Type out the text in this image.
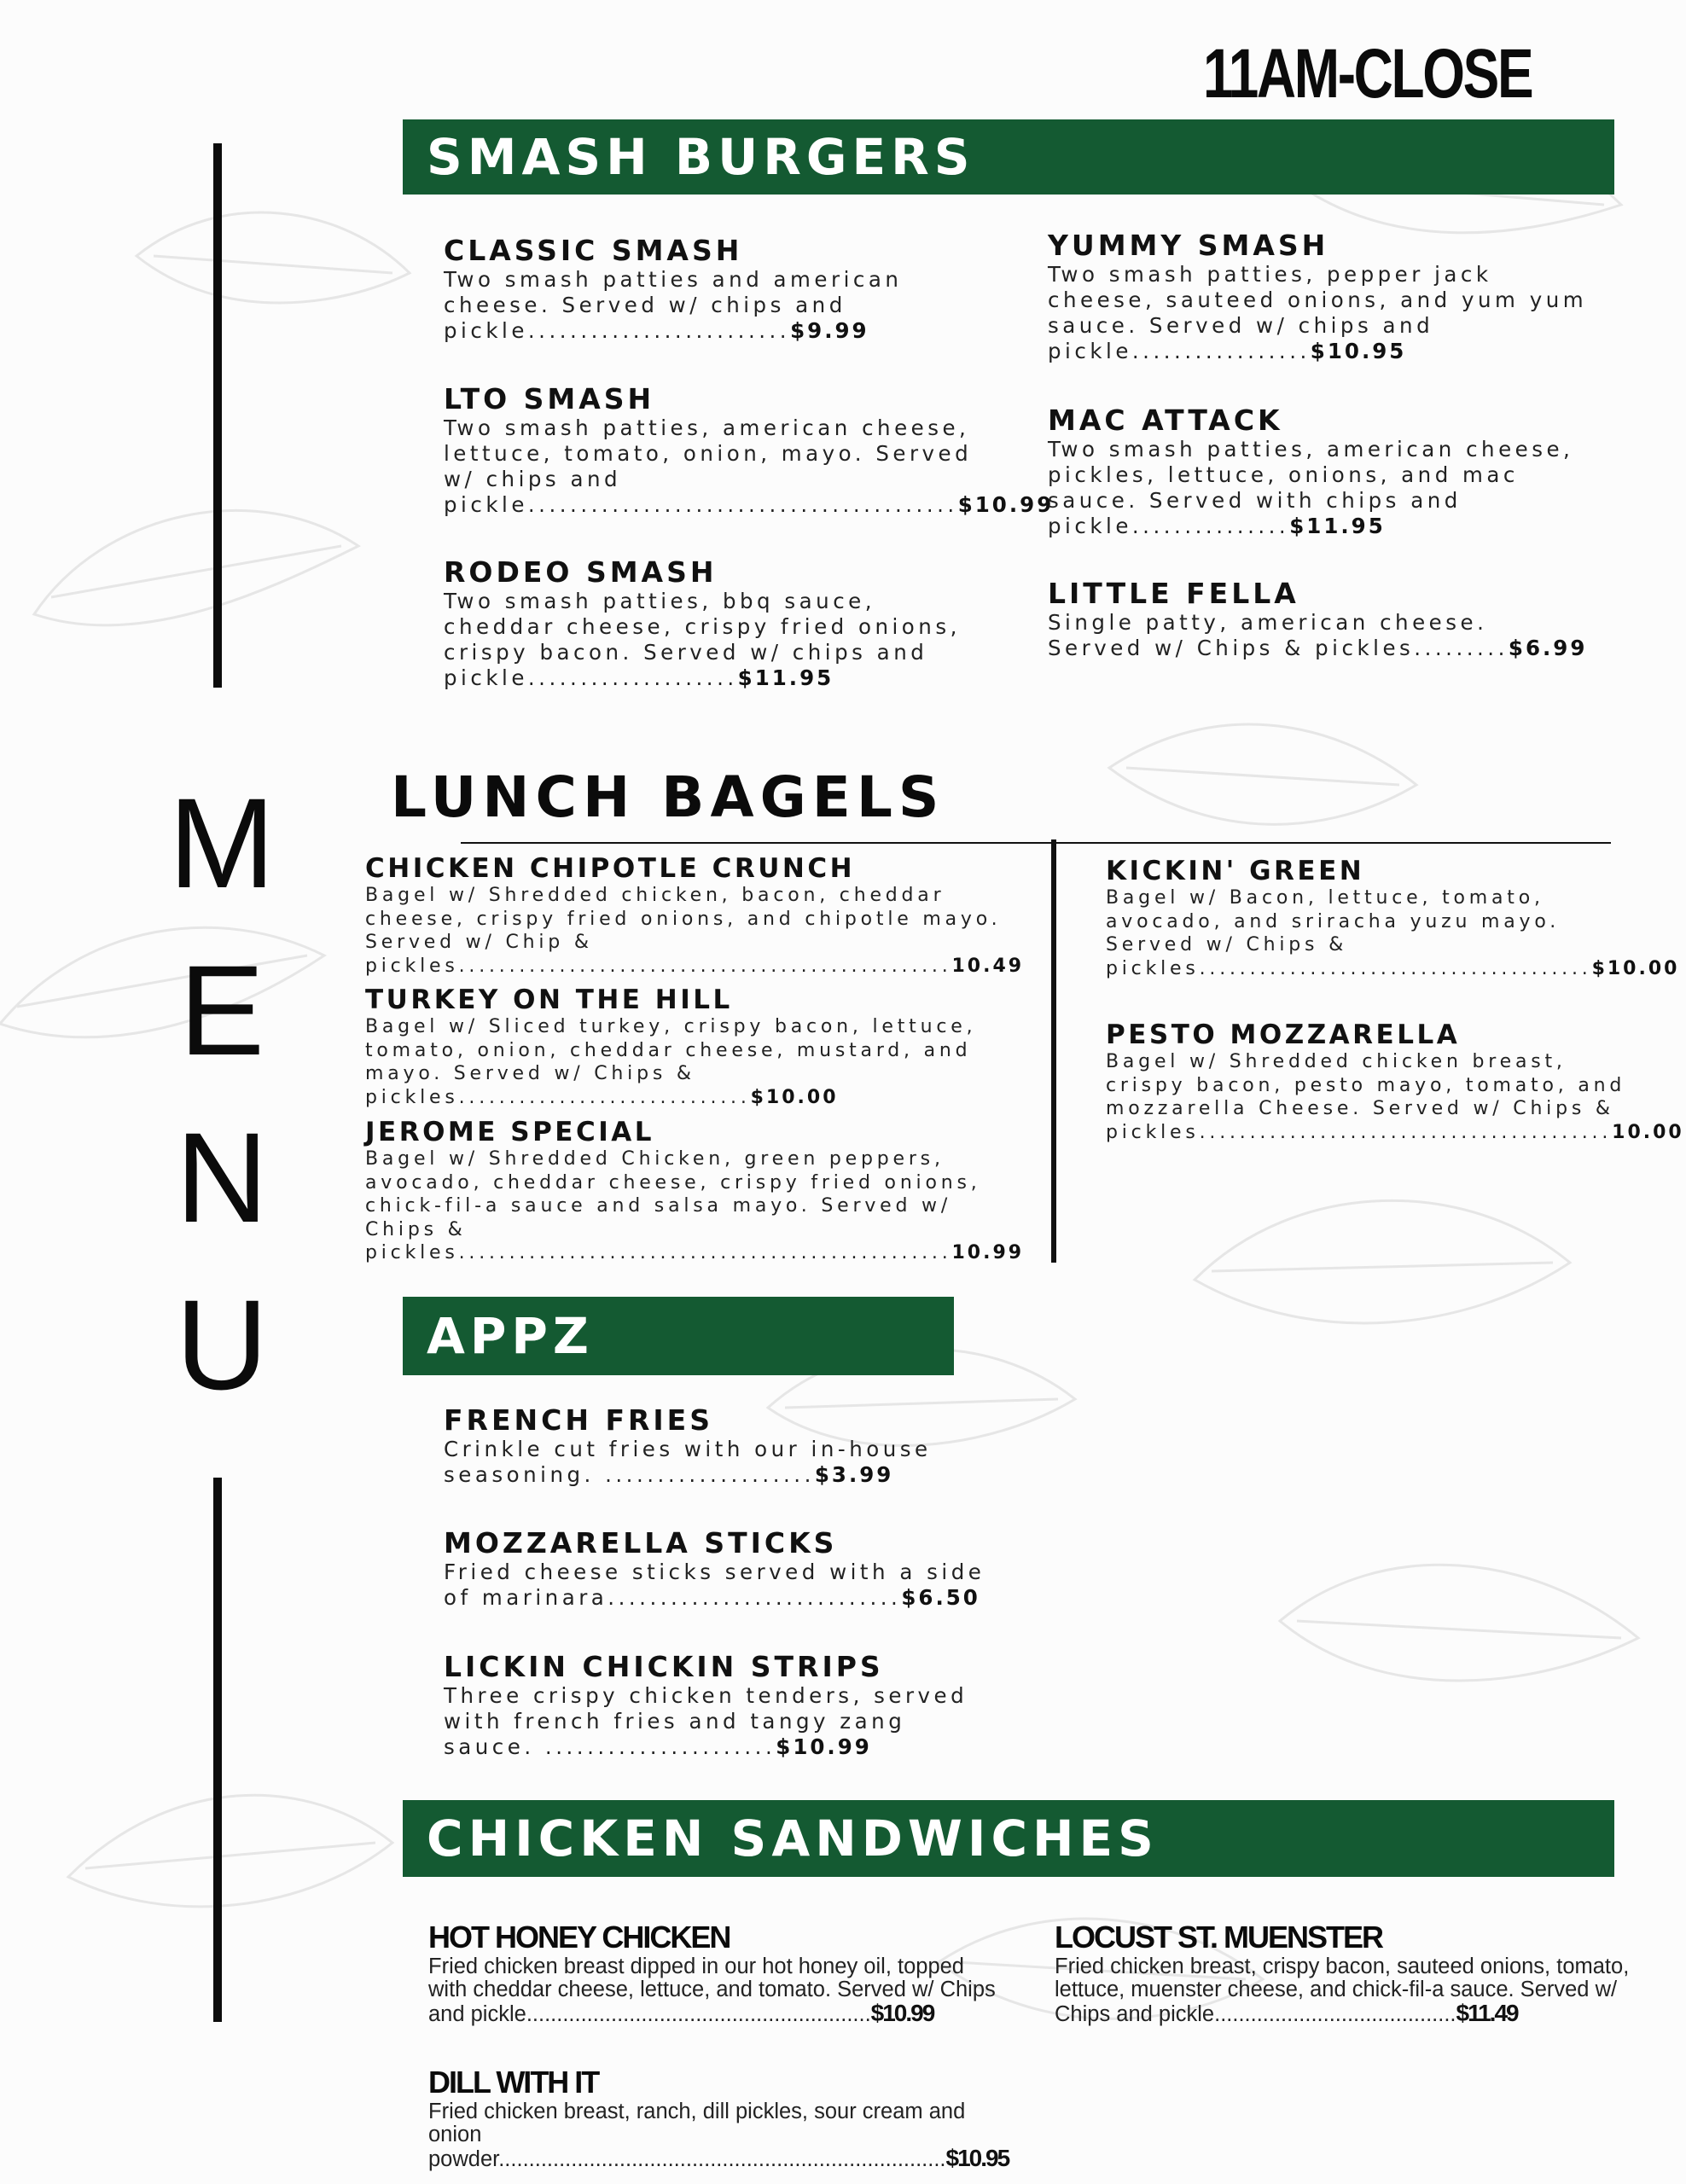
11AM-CLOSE
M
E
N
U
SMASH BURGERS
CLASSIC SMASH
Two smash patties and american cheese. Served w/ chips and pickle.........................$9.99
LTO SMASH
Two smash patties, american cheese, lettuce, tomato, onion, mayo. Served w/ chips and pickle.........................................$10.99
RODEO SMASH
Two smash patties, bbq sauce, cheddar cheese, crispy fried onions, crispy bacon. Served w/ chips and pickle....................$11.95
YUMMY SMASH
Two smash patties, pepper jack cheese, sauteed onions, and yum yum sauce. Served w/ chips and pickle.................$10.95
MAC ATTACK
Two smash patties, american cheese, pickles, lettuce, onions, and mac sauce. Served with chips and pickle...............$11.95
LITTLE FELLA
Single patty, american cheese. Served w/ Chips & pickles.........$6.99
LUNCH BAGELS
CHICKEN CHIPOTLE CRUNCH
Bagel w/ Shredded chicken, bacon, cheddar cheese, crispy fried onions, and chipotle mayo. Served w/ Chip & pickles.................................................10.49
TURKEY ON THE HILL
Bagel w/ Sliced turkey, crispy bacon, lettuce, tomato, onion, cheddar cheese, mustard, and mayo. Served w/ Chips & pickles.............................$10.00
JEROME SPECIAL
Bagel w/ Shredded Chicken, green peppers, avocado, cheddar cheese, crispy fried onions, chick-fil-a sauce and salsa mayo. Served w/ Chips & pickles.................................................10.99
KICKIN' GREEN
Bagel w/ Bacon, lettuce, tomato, avocado, and sriracha yuzu mayo. Served w/ Chips & pickles.......................................$10.00
PESTO MOZZARELLA
Bagel w/ Shredded chicken breast, crispy bacon, pesto mayo, tomato, and mozzarella Cheese. Served w/ Chips & pickles.........................................10.00
APPZ
FRENCH FRIES
Crinkle cut fries with our in-house seasoning. ....................$3.99
MOZZARELLA STICKS
Fried cheese sticks served with a side of marinara............................$6.50
LICKIN CHICKIN STRIPS
Three crispy chicken tenders, served with french fries and tangy zang sauce. ......................$10.99
CHICKEN SANDWICHES
HOT HONEY CHICKEN
Fried chicken breast dipped in our hot honey oil, topped with cheddar cheese, lettuce, and tomato. Served w/ Chips and pickle.........................................................$10.99
DILL WITH IT
Fried chicken breast, ranch, dill pickles, sour cream and onion powder..........................................................................$10.95
LOCUST ST. MUENSTER
Fried chicken breast, crispy bacon, sauteed onions, tomato, lettuce, muenster cheese, and chick-fil-a sauce. Served w/ Chips and pickle........................................$11.49
